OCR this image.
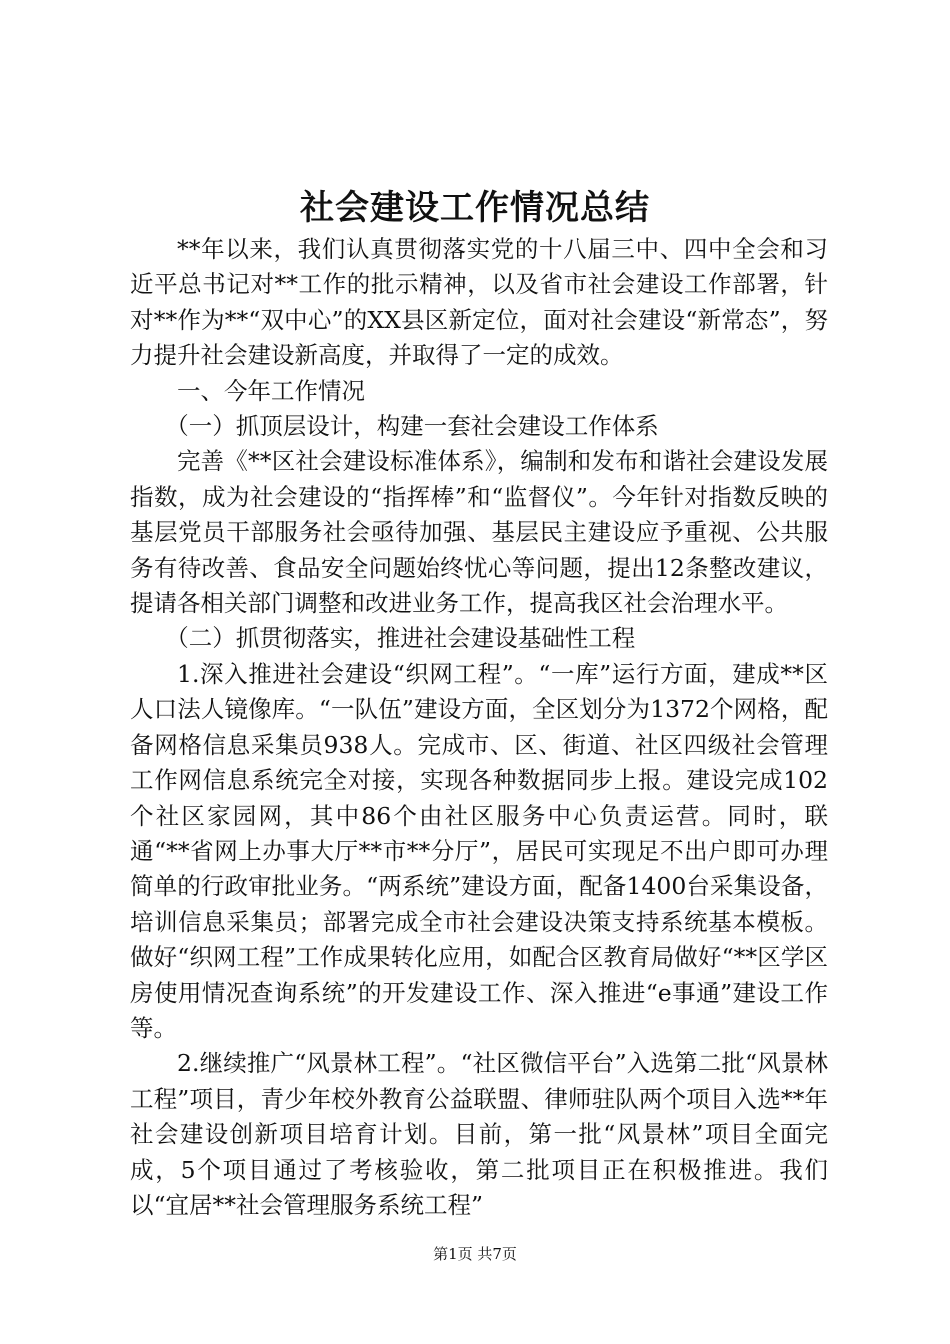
社会建设工作情况总结

**年以来，我们认真贯彻落实党的十八届三中、四中全会和习近平总书记对**工作的批示精神，以及省市社会建设工作部署，针对**作为**“双中心”的XX县区新定位，面对社会建设“新常态”，努力提升社会建设新高度，并取得了一定的成效。

一、今年工作情况

（一）抓顶层设计，构建一套社会建设工作体系

完善《**区社会建设标准体系》，编制和发布和谐社会建设发展指数，成为社会建设的“指挥棒”和“监督仪”。今年针对指数反映的基层党员干部服务社会亟待加强、基层民主建设应予重视、公共服务有待改善、食品安全问题始终忧心等问题，提出12条整改建议，提请各相关部门调整和改进业务工作，提高我区社会治理水平。

（二）抓贯彻落实，推进社会建设基础性工程

1.深入推进社会建设“织网工程”。“一库”运行方面，建成**区人口法人镜像库。“一队伍”建设方面，全区划分为1372个网格，配备网格信息采集员938人。完成市、区、街道、社区四级社会管理工作网信息系统完全对接，实现各种数据同步上报。建设完成102个社区家园网，其中86个由社区服务中心负责运营。同时，联通“**省网上办事大厅**市**分厅”，居民可实现足不出户即可办理简单的行政审批业务。“两系统”建设方面，配备1400台采集设备，培训信息采集员；部署完成全市社会建设决策支持系统基本模板。做好“织网工程”工作成果转化应用，如配合区教育局做好“**区学区房使用情况查询系统”的开发建设工作、深入推进“e事通”建设工作等。

2.继续推广“风景林工程”。“社区微信平台”入选第二批“风景林工程”项目，青少年校外教育公益联盟、律师驻队两个项目入选**年社会建设创新项目培育计划。目前，第一批“风景林”项目全面完成，5个项目通过了考核验收，第二批项目正在积极推进。我们以“宜居**社会管理服务系统工程”

第1页 共7页
